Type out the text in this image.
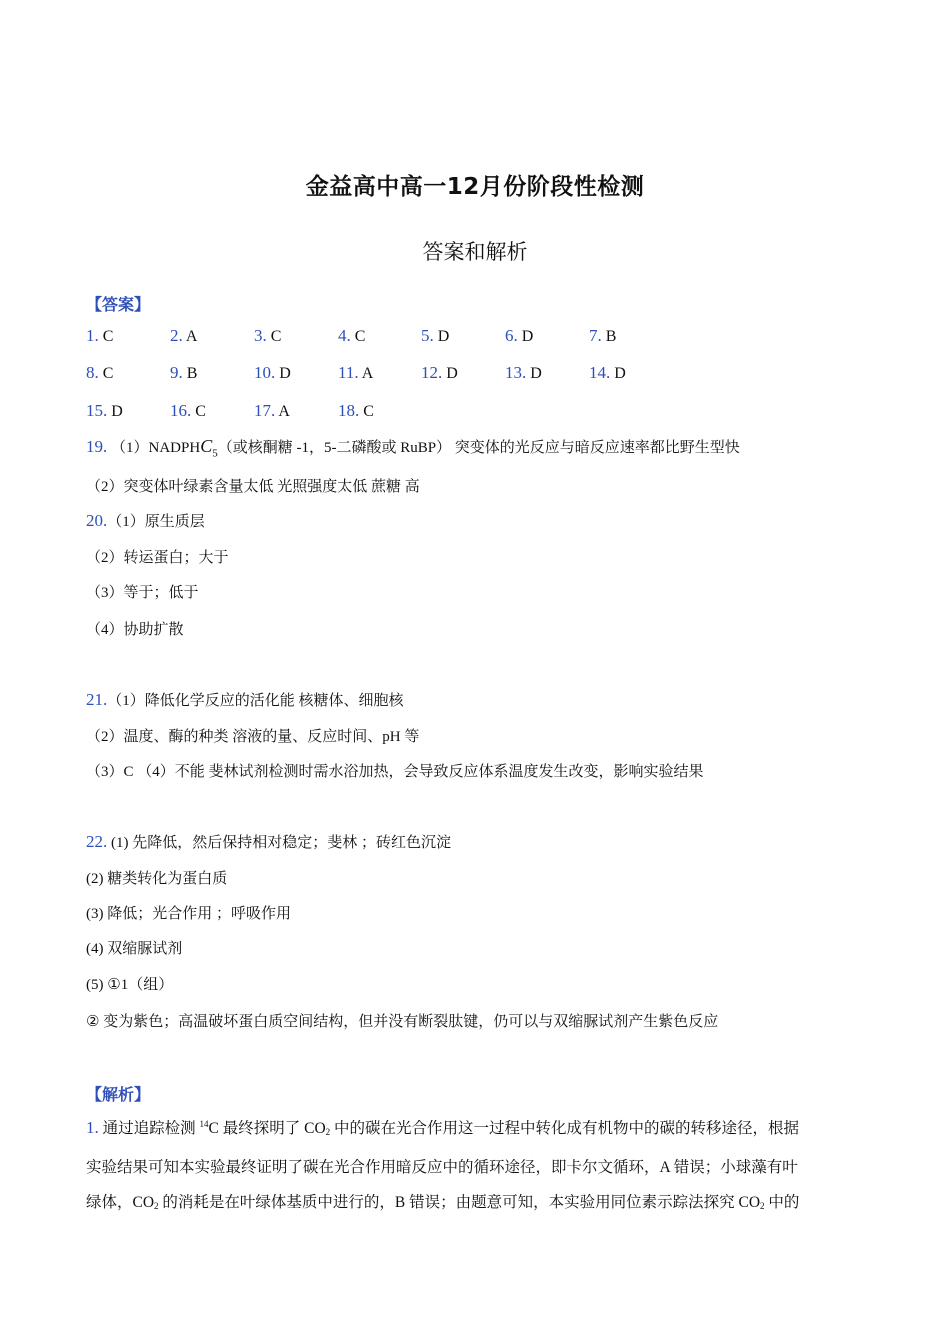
金益高中高一12月份阶段性检测
答案和解析
【答案】
1. C	2. A	3. C	4. C	5. D	6. D	7. B
8. C	9. B	10. D	11. A	12. D	13. D	14. D
15. D	16. C	17. A	18. C
19. $(1)NADPHC_5$（或核酮糖 -1，5-二磷酸或 RuBP） 突变体的光反应与暗反应速率都比野生型快
（2）突变体叶绿素含量太低 光照强度太低 蔗糖 高
20.（1）原生质层
（2）转运蛋白；大于
（3）等于；低于
（4）协助扩散
21.（1）降低化学反应的活化能 核糖体、细胞核
（2）温度、酶的种类 溶液的量、反应时间、pH 等
（3）C （4）不能 斐林试剂检测时需水浴加热，会导致反应体系温度发生改变，影响实验结果
22. (1) 先降低，然后保持相对稳定；斐林 ；砖红色沉淀
(2) 糖类转化为蛋白质
(3) 降低；光合作用 ；呼吸作用
(4) 双缩脲试剂
(5) ①1（组）
② 变为紫色；高温破坏蛋白质空间结构，但并没有断裂肽键，仍可以与双缩脲试剂产生紫色反应
【解析】
1. 通过追踪检测 $^{14}$C 最终探明了 $CO_2$ 中的碳在光合作用这一过程中转化成有机物中的碳的转移途径，根据
实验结果可知本实验最终证明了碳在光合作用暗反应中的循环途径，即卡尔文循环，A 错误；小球藻有叶
绿体，$CO_2$ 的消耗是在叶绿体基质中进行的，B 错误；由题意可知，本实验用同位素示踪法探究 $CO_2$ 中的
